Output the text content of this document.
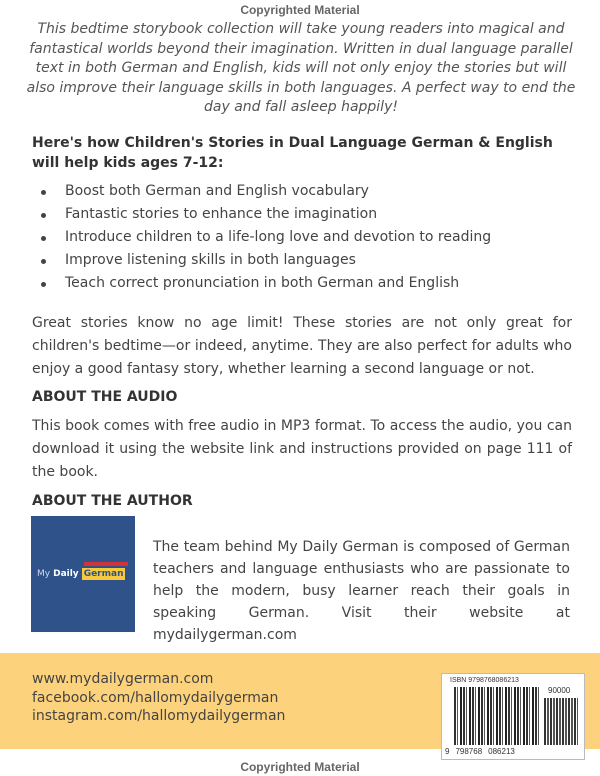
Copyrighted Material
This bedtime storybook collection will take young readers into magical and fantastical worlds beyond their imagination. Written in dual language parallel text in both German and English, kids will not only enjoy the stories but will also improve their language skills in both languages. A perfect way to end the day and fall asleep happily!
Here's how Children's Stories in Dual Language German & English will help kids ages 7-12:
Boost both German and English vocabulary
Fantastic stories to enhance the imagination
Introduce children to a life-long love and devotion to reading
Improve listening skills in both languages
Teach correct pronunciation in both German and English
Great stories know no age limit! These stories are not only great for children's bedtime—or indeed, anytime. They are also perfect for adults who enjoy a good fantasy story, whether learning a second language or not.
ABOUT THE AUDIO
This book comes with free audio in MP3 format. To access the audio, you can download it using the website link and instructions provided on page 111 of the book.
ABOUT THE AUTHOR
My Daily German
The team behind My Daily German is composed of German teachers and language enthusiasts who are passionate to help the modern, busy learner reach their goals in speaking German. Visit their website at mydailygerman.com
www.mydailygerman.com
facebook.com/hallomydailygerman
instagram.com/hallomydailygerman
ISBN 9798768086213
90000
9 798768 086213
Copyrighted Material
